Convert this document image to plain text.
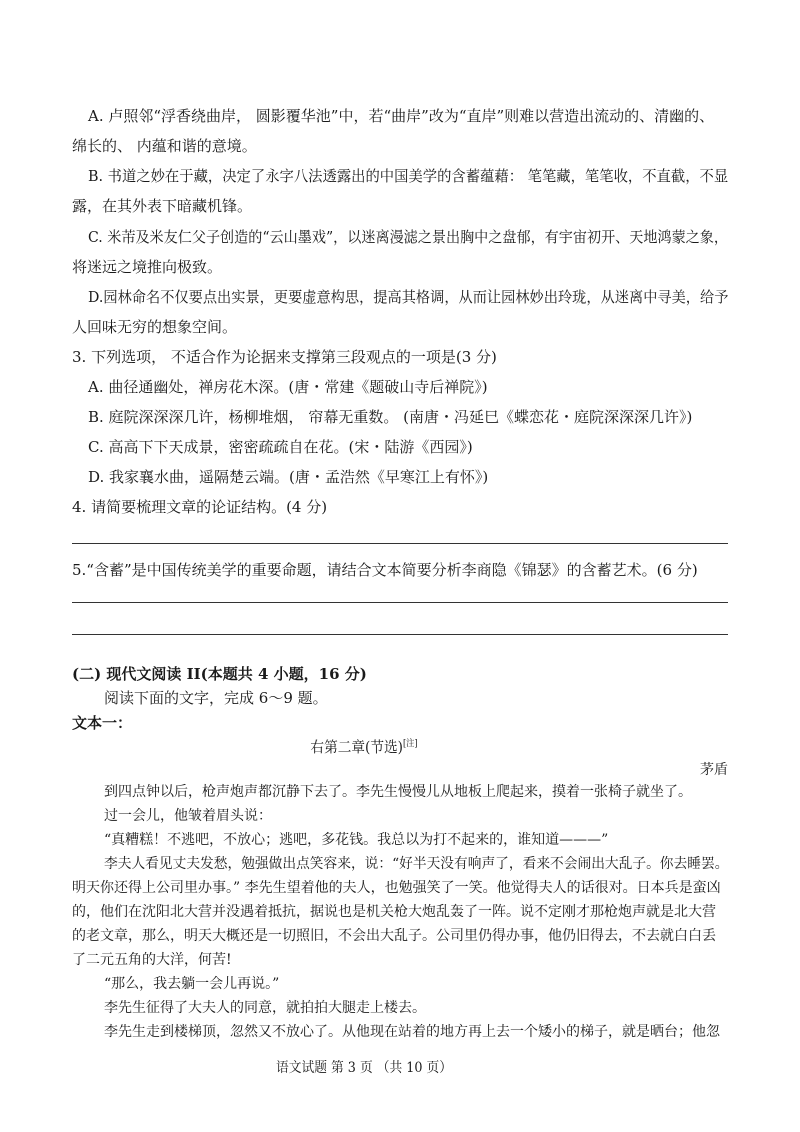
A. 卢照邻“浮香绕曲岸， 圆影覆华池”中，若“曲岸”改为“直岸”则难以营造出流动的、清幽的、
绵长的、 内蕴和谐的意境。
B. 书道之妙在于藏，决定了永字八法透露出的中国美学的含蓄蕴藉： 笔笔藏，笔笔收，不直截，不显
露，在其外表下暗藏机锋。
C. 米芾及米友仁父子创造的“云山墨戏”，以迷离漫滤之景出胸中之盘郁，有宇宙初开、天地鸿蒙之象，
将迷远之境推向极致。
D.园林命名不仅要点出实景，更要虚意构思，提高其格调，从而让园林妙出玲珑，从迷离中寻美，给予
人回味无穷的想象空间。
3. 下列选项， 不适合作为论据来支撑第三段观点的一项是(3 分)
A. 曲径通幽处，禅房花木深。(唐・常建《题破山寺后禅院》)
B. 庭院深深深几许，杨柳堆烟， 帘幕无重数。 (南唐・冯延巳《蝶恋花・庭院深深深几许》)
C. 高高下下天成景，密密疏疏自在花。(宋・陆游《西园》)
D. 我家襄水曲，遥隔楚云端。(唐・孟浩然《早寒江上有怀》)
4. 请简要梳理文章的论证结构。(4 分)
5.“含蓄”是中国传统美学的重要命题，请结合文本简要分析李商隐《锦瑟》的含蓄艺术。(6 分)
(二) 现代文阅读 II(本题共 4 小题，16 分)
阅读下面的文字，完成 6～9 题。
文本一：
右第二章(节选)[注]
茅盾
到四点钟以后，枪声炮声都沉静下去了。李先生慢慢儿从地板上爬起来，摸着一张椅子就坐了。
过一会儿，他皱着眉头说：
“真糟糕！不逃吧，不放心；逃吧，多花钱。我总以为打不起来的，谁知道———”
李夫人看见丈夫发愁，勉强做出点笑容来，说：“好半天没有响声了，看来不会闹出大乱子。你去睡罢。
明天你还得上公司里办事。” 李先生望着他的夫人，也勉强笑了一笑。他觉得夫人的话很对。日本兵是蛮凶
的，他们在沈阳北大营并没遇着抵抗，据说也是机关枪大炮乱轰了一阵。说不定刚才那枪炮声就是北大营
的老文章，那么，明天大概还是一切照旧，不会出大乱子。公司里仍得办事，他仍旧得去，不去就白白丢
了二元五角的大洋，何苦!
“那么，我去躺一会儿再说。”
李先生征得了大夫人的同意，就拍拍大腿走上楼去。
李先生走到楼梯顶，忽然又不放心了。从他现在站着的地方再上去一个矮小的梯子，就是晒台；他忽
语文试题 第 3 页 （共 10 页）
